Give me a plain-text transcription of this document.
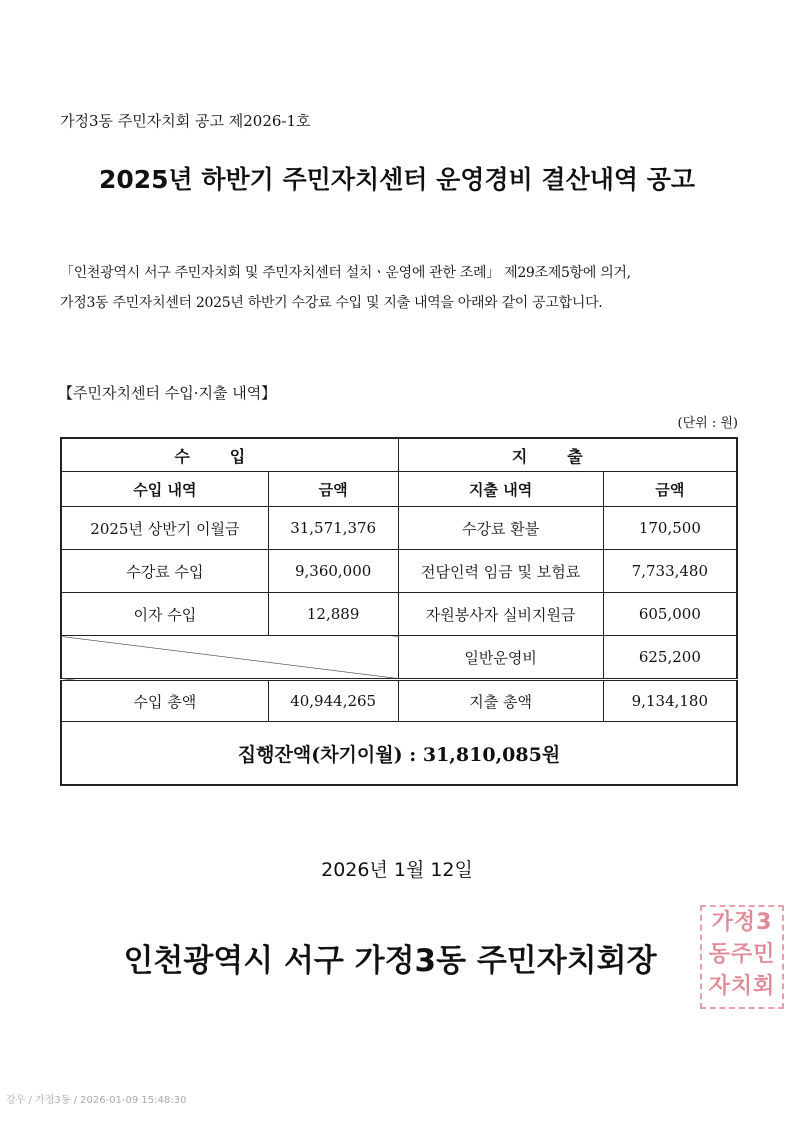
가정3동 주민자치회 공고 제2026-1호
2025년 하반기 주민자치센터 운영경비 결산내역 공고
「인천광역시 서구 주민자치회 및 주민자치센터 설치ㆍ운영에 관한 조례」 제29조제5항에 의거,
가정3동 주민자치센터 2025년 하반기 수강료 수입 및 지출 내역을 아래와 같이 공고합니다.
【주민자치센터 수입·지출 내역】
(단위 : 원)
수입		지출	
수입 내역	금액	지출 내역	금액
2025년 상반기 이월금	31,571,376	수강료 환불	170,500
수강료 수입	9,360,000	전담인력 임금 및 보험료	7,733,480
이자 수입	12,889	자원봉사자 실비지원금	605,000
		일반운영비	625,200
수입 총액	40,944,265	지출 총액	9,134,180
집행잔액(차기이월) : 31,810,085원			
2026년 1월 12일
인천광역시 서구 가정3동 주민자치회장
가정3
동주민
자치회
강우 / 가정3동 / 2026-01-09 15:48:30
